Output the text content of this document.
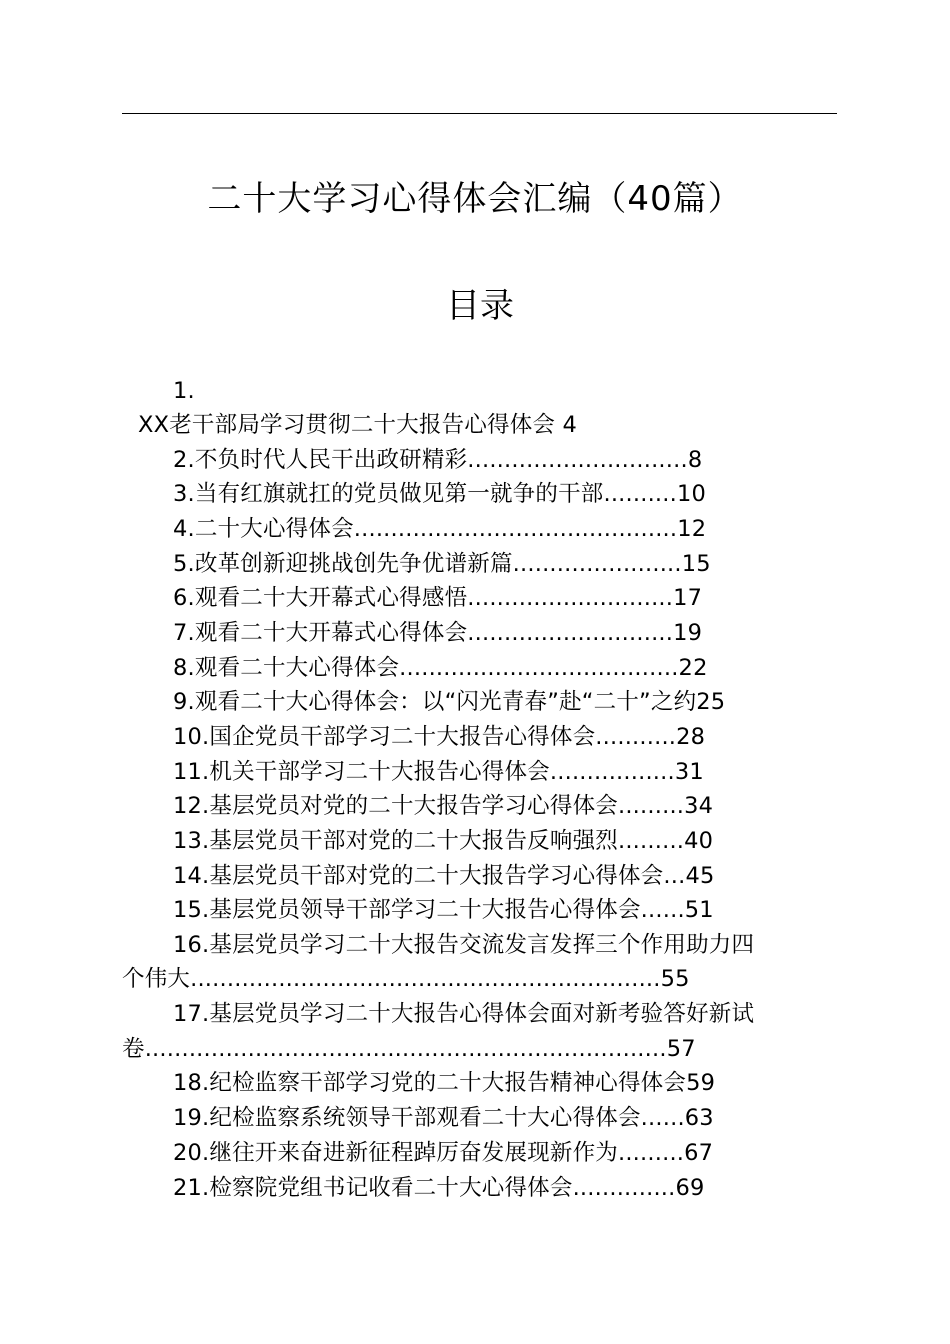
二十大学习心得体会汇编（40篇）
目录
1.
XX老干部局学习贯彻二十大报告心得体会 4
2.不负时代人民干出政研精彩..............................8
3.当有红旗就扛的党员做见第一就争的干部..........10
4.二十大心得体会............................................12
5.改革创新迎挑战创先争优谱新篇.......................15
6.观看二十大开幕式心得感悟............................17
7.观看二十大开幕式心得体会............................19
8.观看二十大心得体会......................................22
9.观看二十大心得体会：以“闪光青春”赴“二十”之约25
10.国企党员干部学习二十大报告心得体会...........28
11.机关干部学习二十大报告心得体会.................31
12.基层党员对党的二十大报告学习心得体会.........34
13.基层党员干部对党的二十大报告反响强烈.........40
14.基层党员干部对党的二十大报告学习心得体会...45
15.基层党员领导干部学习二十大报告心得体会......51
16.基层党员学习二十大报告交流发言发挥三个作用助力四
个伟大................................................................55
17.基层党员学习二十大报告心得体会面对新考验答好新试
卷.......................................................................57
18.纪检监察干部学习党的二十大报告精神心得体会59
19.纪检监察系统领导干部观看二十大心得体会......63
20.继往开来奋进新征程踔厉奋发展现新作为.........67
21.检察院党组书记收看二十大心得体会..............69
